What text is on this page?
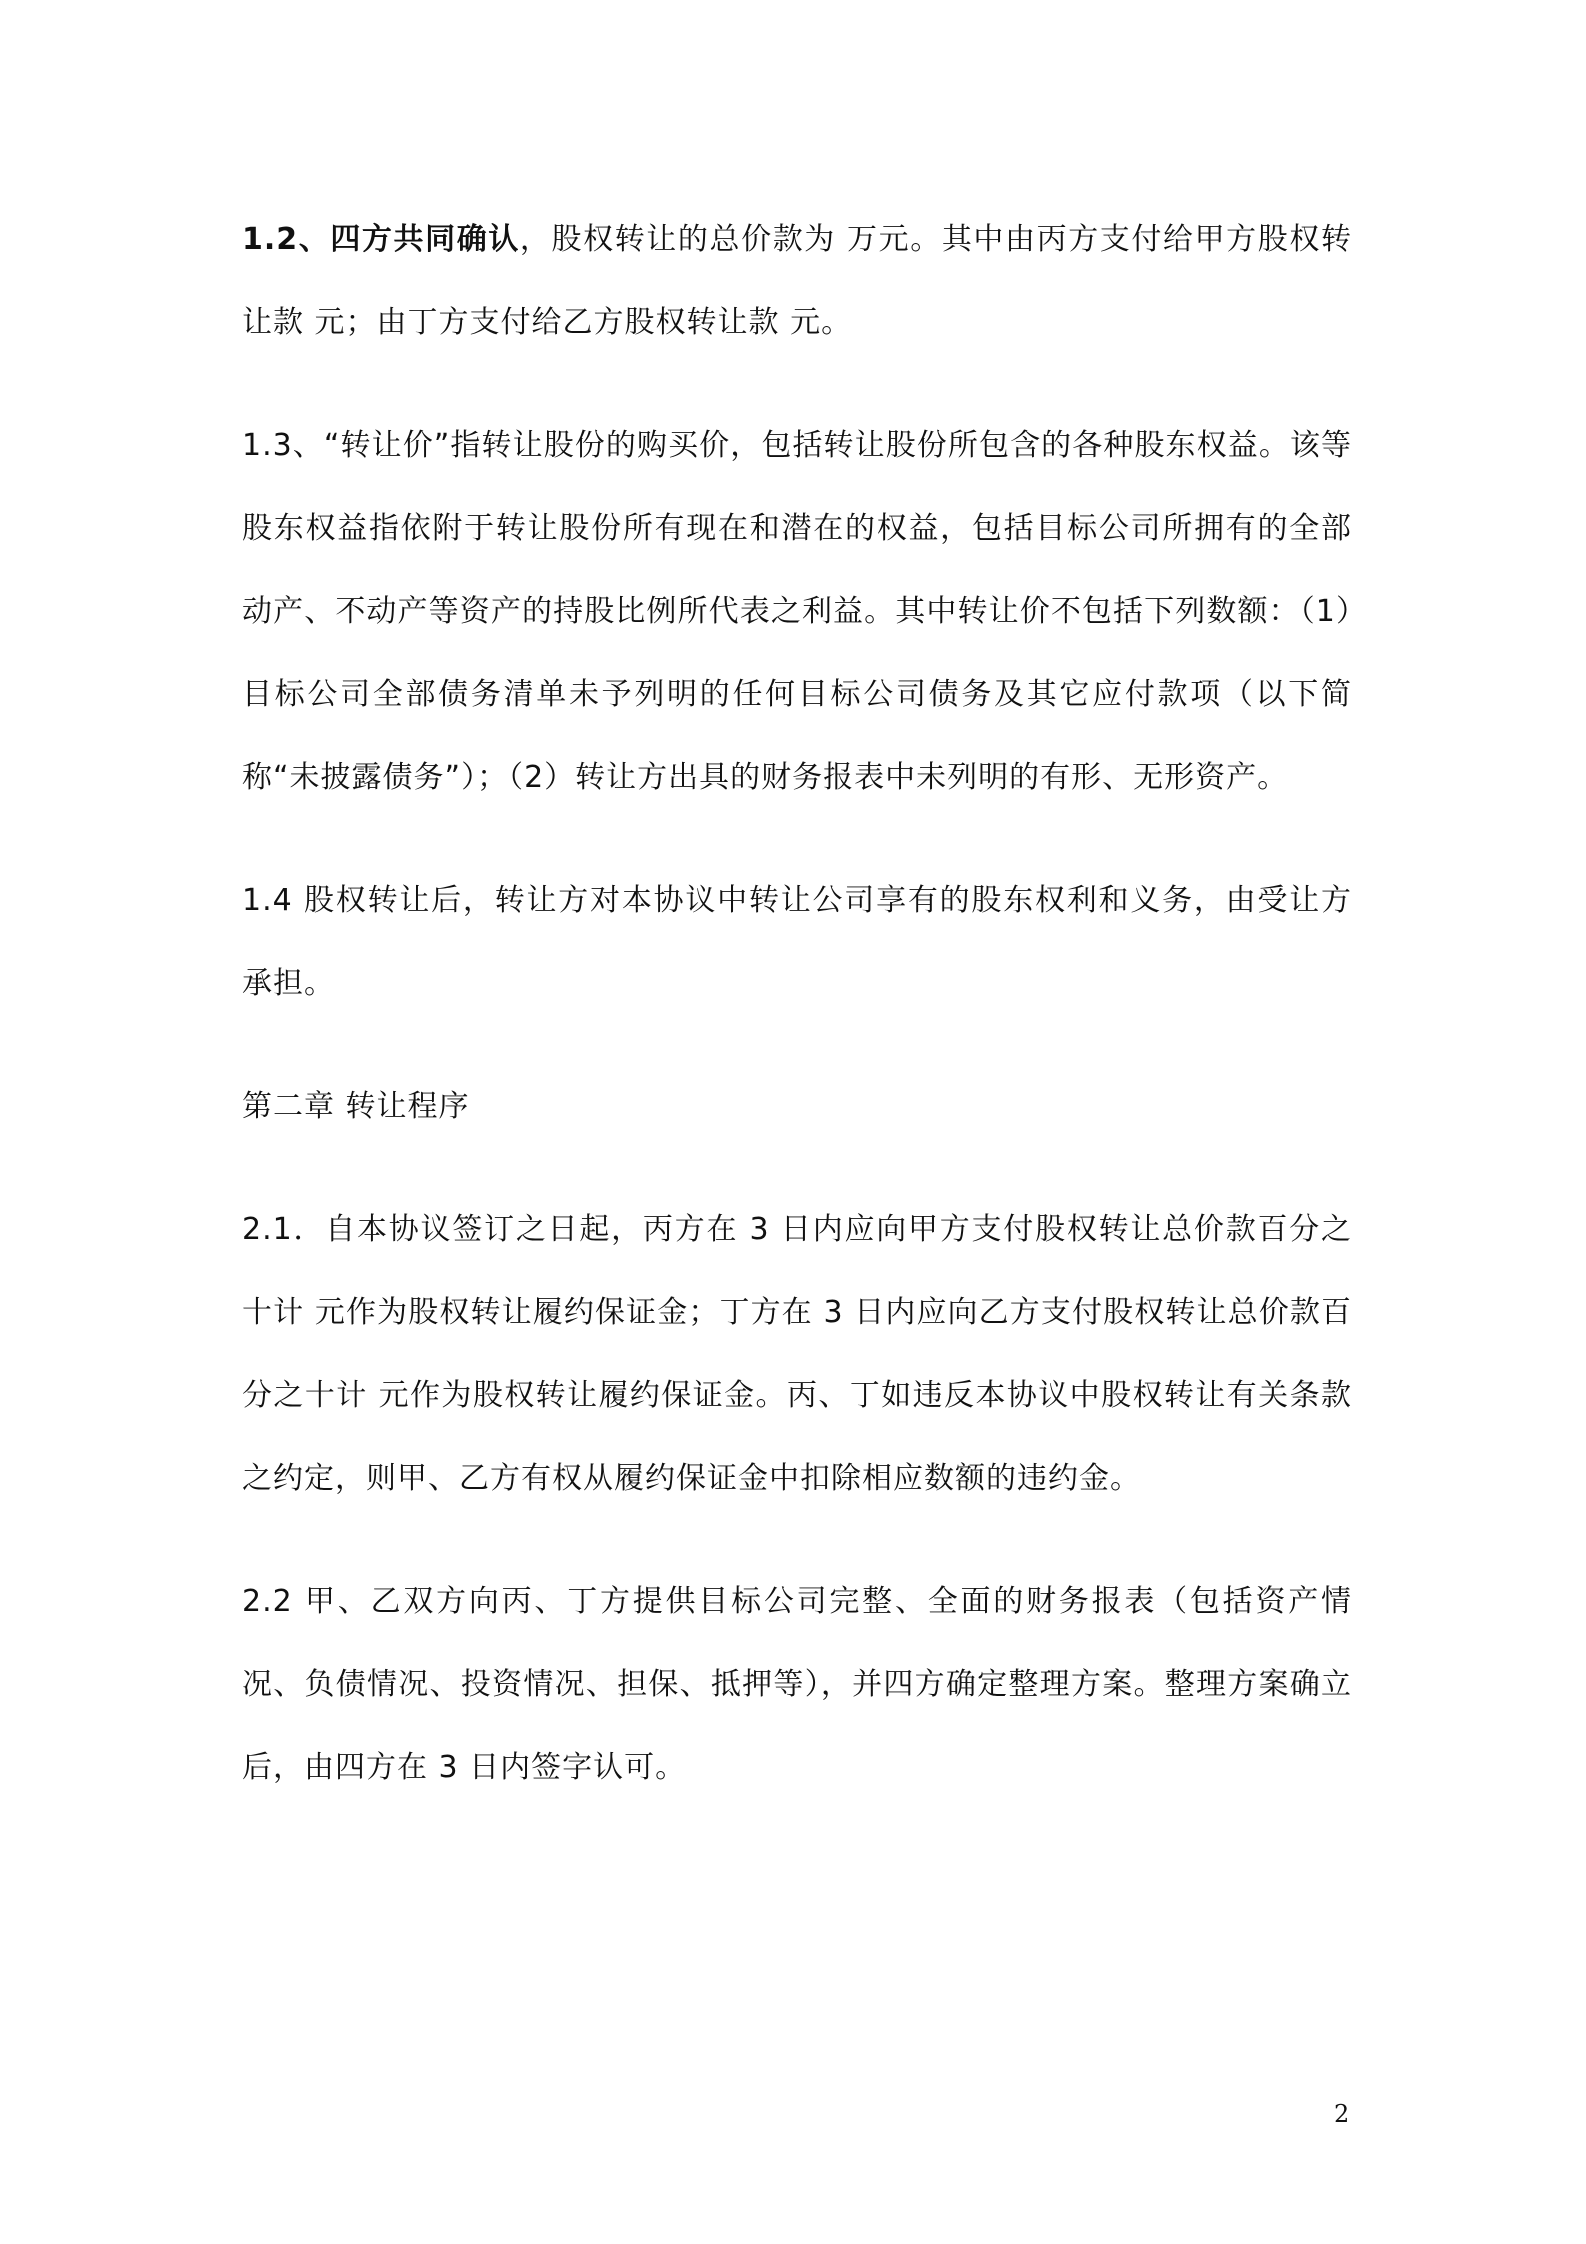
1.2、四方共同确认，股权转让的总价款为 万元。其中由丙方支付给甲方股权转让款 元；由丁方支付给乙方股权转让款 元。

1.3、“转让价”指转让股份的购买价，包括转让股份所包含的各种股东权益。该等股东权益指依附于转让股份所有现在和潜在的权益，包括目标公司所拥有的全部动产、不动产等资产的持股比例所代表之利益。其中转让价不包括下列数额：（1）目标公司全部债务清单未予列明的任何目标公司债务及其它应付款项（以下简称“未披露债务”）；（2）转让方出具的财务报表中未列明的有形、无形资产。

1.4 股权转让后，转让方对本协议中转让公司享有的股东权利和义务，由受让方承担。

第二章 转让程序

2.1．自本协议签订之日起，丙方在 3 日内应向甲方支付股权转让总价款百分之十计 元作为股权转让履约保证金；丁方在 3 日内应向乙方支付股权转让总价款百分之十计 元作为股权转让履约保证金。丙、丁如违反本协议中股权转让有关条款之约定，则甲、乙方有权从履约保证金中扣除相应数额的违约金。

2.2 甲、乙双方向丙、丁方提供目标公司完整、全面的财务报表（包括资产情况、负债情况、投资情况、担保、抵押等），并四方确定整理方案。整理方案确立后，由四方在 3 日内签字认可。

2
